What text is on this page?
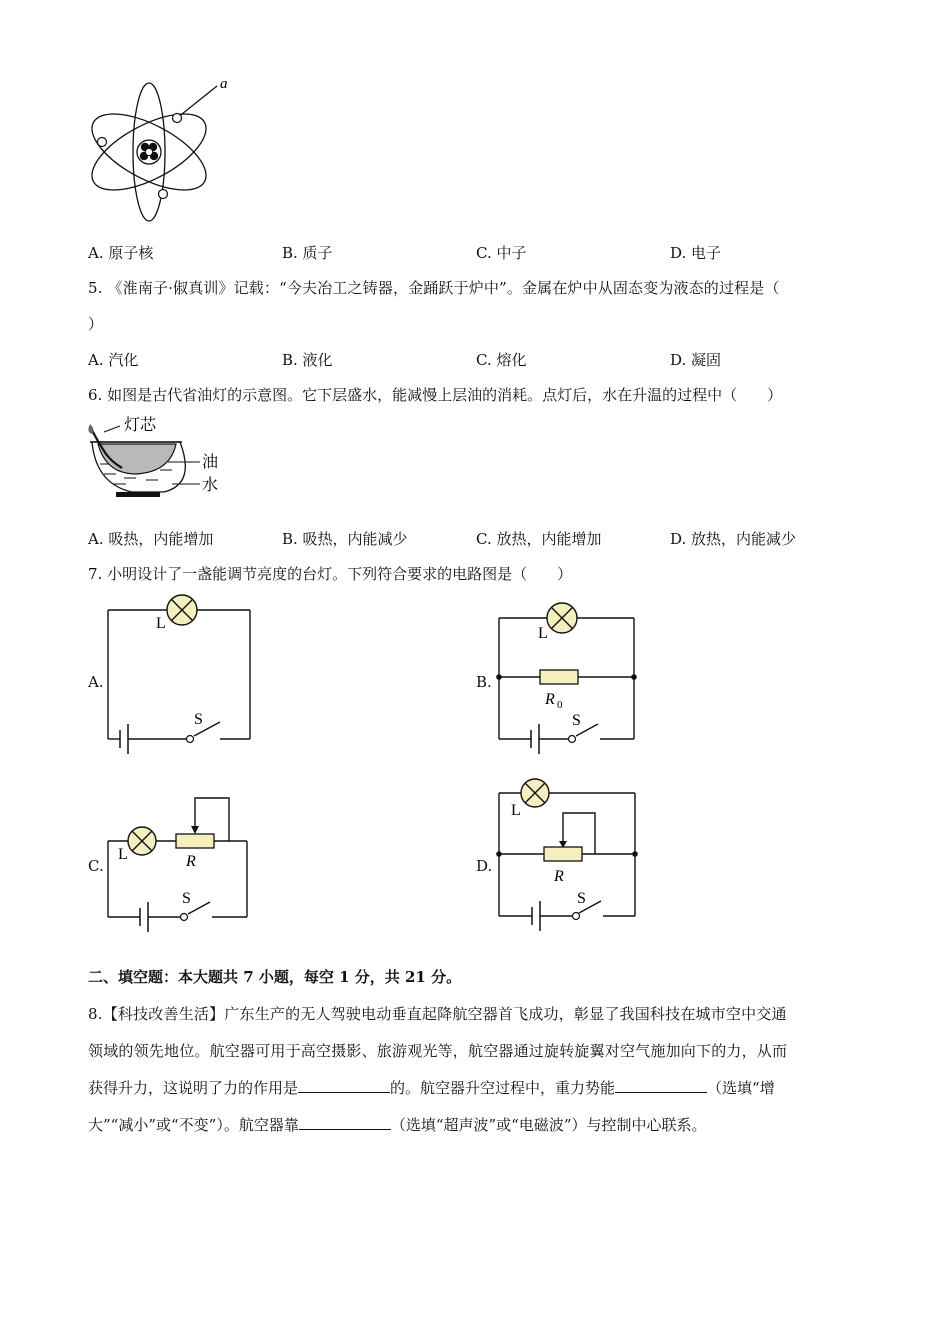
a
A. 原子核	B. 质子	C. 中子	D. 电子
5. 《淮南子·俶真训》记载：“今夫冶工之铸器，金踊跃于炉中”。金属在炉中从固态变为液态的过程是（
）
A. 汽化	B. 液化	C. 熔化	D. 凝固
6. 如图是古代省油灯的示意图。它下层盛水，能减慢上层油的消耗。点灯后，水在升温的过程中（　　）
灯芯
油
水
A. 吸热，内能增加	B. 吸热，内能减少	C. 放热，内能增加	D. 放热，内能减少
7. 小明设计了一盏能调节亮度的台灯。下列符合要求的电路图是（　　）
A.
L
S
B.
L
R 0
S
C.
L	R
S
D.
L
R
S
二、填空题：本大题共 7 小题，每空 1 分，共 21 分。
8.【科技改善生活】广东生产的无人驾驶电动垂直起降航空器首飞成功，彰显了我国科技在城市空中交通
领域的领先地位。航空器可用于高空摄影、旅游观光等，航空器通过旋转旋翼对空气施加向下的力，从而
获得升力，这说明了力的作用是	的。航空器升空过程中，重力势能	（选填“增
大”“减小”或“不变”）。航空器靠	（选填“超声波”或“电磁波”）与控制中心联系。
